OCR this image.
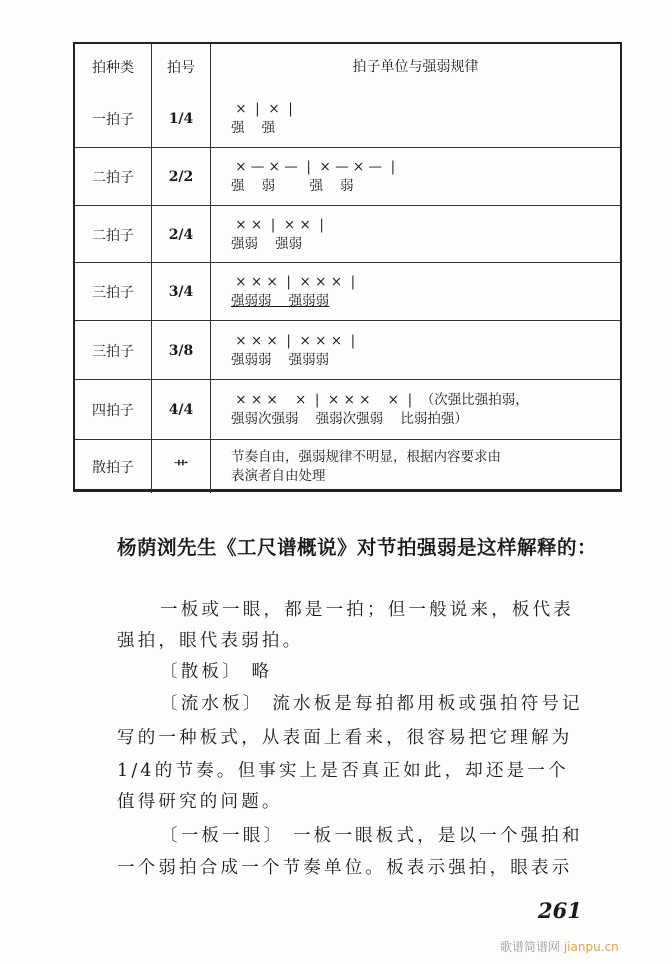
拍种类	拍号	拍子单位与强弱规律
一拍子	1/4
×  |  ×  |
强    强
二拍子	2/2
× — × —  |  × — × —  |
强    弱        强    弱
二拍子	2/4
× ×  |  × ×  |
强弱    强弱
三拍子	3/4
× × ×  |  × × ×  |
强弱弱    强弱弱
三拍子	3/8
× × ×  |  × × ×  |
强弱弱    强弱弱
四拍子	4/4
× × ×    ×  |  × × ×    ×  |  （次强比强拍弱，
强弱次强弱    强弱次强弱    比弱拍强）
散拍子	艹
节奏自由，强弱规律不明显，根据内容要求由
表演者自由处理
杨荫浏先生《工尺谱概说》对节拍强弱是这样解释的：
一板或一眼，都是一拍；但一般说来，板代表
强拍，眼代表弱拍。
〔散板〕 略
〔流水板〕 流水板是每拍都用板或强拍符号记
写的一种板式，从表面上看来，很容易把它理解为
1/4的节奏。但事实上是否真正如此，却还是一个
值得研究的问题。
〔一板一眼〕 一板一眼板式，是以一个强拍和
一个弱拍合成一个节奏单位。板表示强拍，眼表示
261
歌谱简谱网 jianpu.cn
